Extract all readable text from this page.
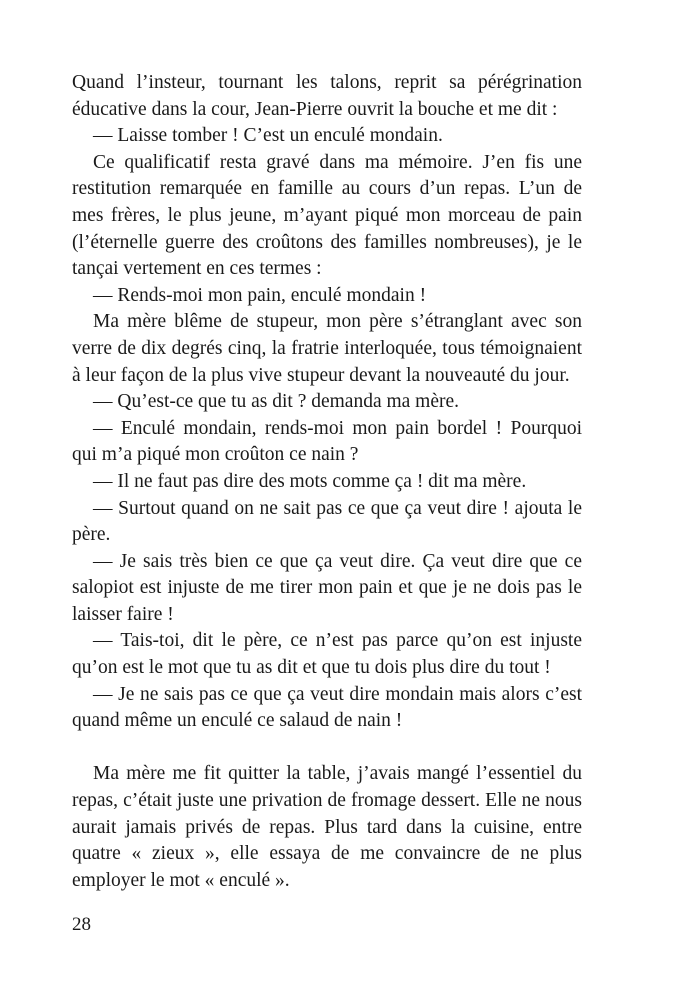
Quand l’insteur, tournant les talons, reprit sa pérégrination éducative dans la cour, Jean-Pierre ouvrit la bouche et me dit :

— Laisse tomber ! C’est un enculé mondain.

Ce qualificatif resta gravé dans ma mémoire. J’en fis une restitution remarquée en famille au cours d’un repas. L’un de mes frères, le plus jeune, m’ayant piqué mon morceau de pain (l’éternelle guerre des croûtons des familles nombreuses), je le tançai vertement en ces termes :

— Rends-moi mon pain, enculé mondain !

Ma mère blême de stupeur, mon père s’étranglant avec son verre de dix degrés cinq, la fratrie interloquée, tous témoignaient à leur façon de la plus vive stupeur devant la nouveauté du jour.

— Qu’est-ce que tu as dit ? demanda ma mère.

— Enculé mondain, rends-moi mon pain bordel ! Pourquoi qui m’a piqué mon croûton ce nain ?

— Il ne faut pas dire des mots comme ça ! dit ma mère.

— Surtout quand on ne sait pas ce que ça veut dire ! ajouta le père.

— Je sais très bien ce que ça veut dire. Ça veut dire que ce salopiot est injuste de me tirer mon pain et que je ne dois pas le laisser faire !

— Tais-toi, dit le père, ce n’est pas parce qu’on est injuste qu’on est le mot que tu as dit et que tu dois plus dire du tout !

— Je ne sais pas ce que ça veut dire mondain mais alors c’est quand même un enculé ce salaud de nain !

Ma mère me fit quitter la table, j’avais mangé l’essentiel du repas, c’était juste une privation de fromage dessert. Elle ne nous aurait jamais privés de repas. Plus tard dans la cuisine, entre quatre « zieux », elle essaya de me convaincre de ne plus employer le mot « enculé ».

28
